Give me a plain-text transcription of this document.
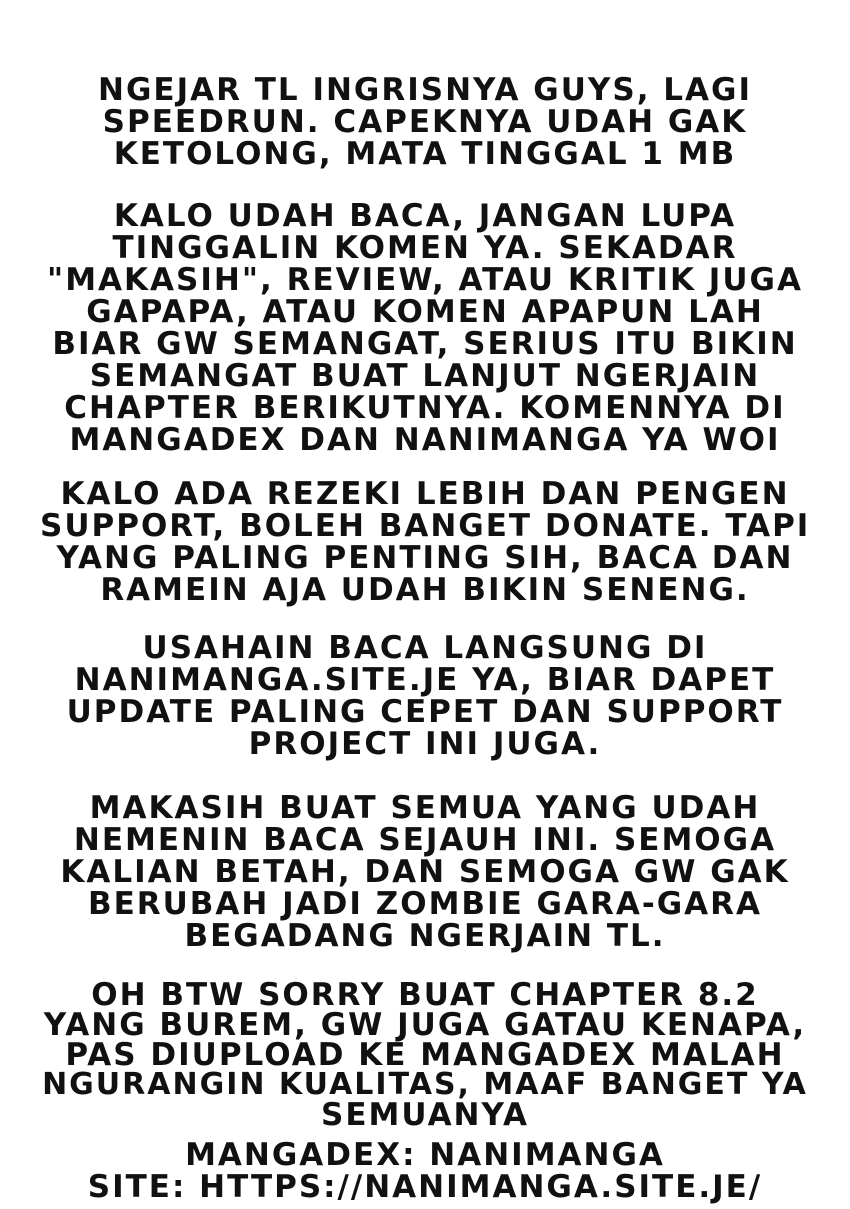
NGEJAR TL INGRISNYA GUYS, LAGI
SPEEDRUN. CAPEKNYA UDAH GAK
KETOLONG, MATA TINGGAL 1 MB
KALO UDAH BACA, JANGAN LUPA
TINGGALIN KOMEN YA. SEKADAR
"MAKASIH", REVIEW, ATAU KRITIK JUGA
GAPAPA, ATAU KOMEN APAPUN LAH
BIAR GW SEMANGAT, SERIUS ITU BIKIN
SEMANGAT BUAT LANJUT NGERJAIN
CHAPTER BERIKUTNYA. KOMENNYA DI
MANGADEX DAN NANIMANGA YA WOI
KALO ADA REZEKI LEBIH DAN PENGEN
SUPPORT, BOLEH BANGET DONATE. TAPI
YANG PALING PENTING SIH, BACA DAN
RAMEIN AJA UDAH BIKIN SENENG.
USAHAIN BACA LANGSUNG DI
NANIMANGA.SITE.JE YA, BIAR DAPET
UPDATE PALING CEPET DAN SUPPORT
PROJECT INI JUGA.
MAKASIH BUAT SEMUA YANG UDAH
NEMENIN BACA SEJAUH INI. SEMOGA
KALIAN BETAH, DAN SEMOGA GW GAK
BERUBAH JADI ZOMBIE GARA-GARA
BEGADANG NGERJAIN TL.
OH BTW SORRY BUAT CHAPTER 8.2
YANG BUREM, GW JUGA GATAU KENAPA,
PAS DIUPLOAD KE MANGADEX MALAH
NGURANGIN KUALITAS, MAAF BANGET YA
SEMUANYA
MANGADEX: NANIMANGA
SITE: HTTPS://NANIMANGA.SITE.JE/
